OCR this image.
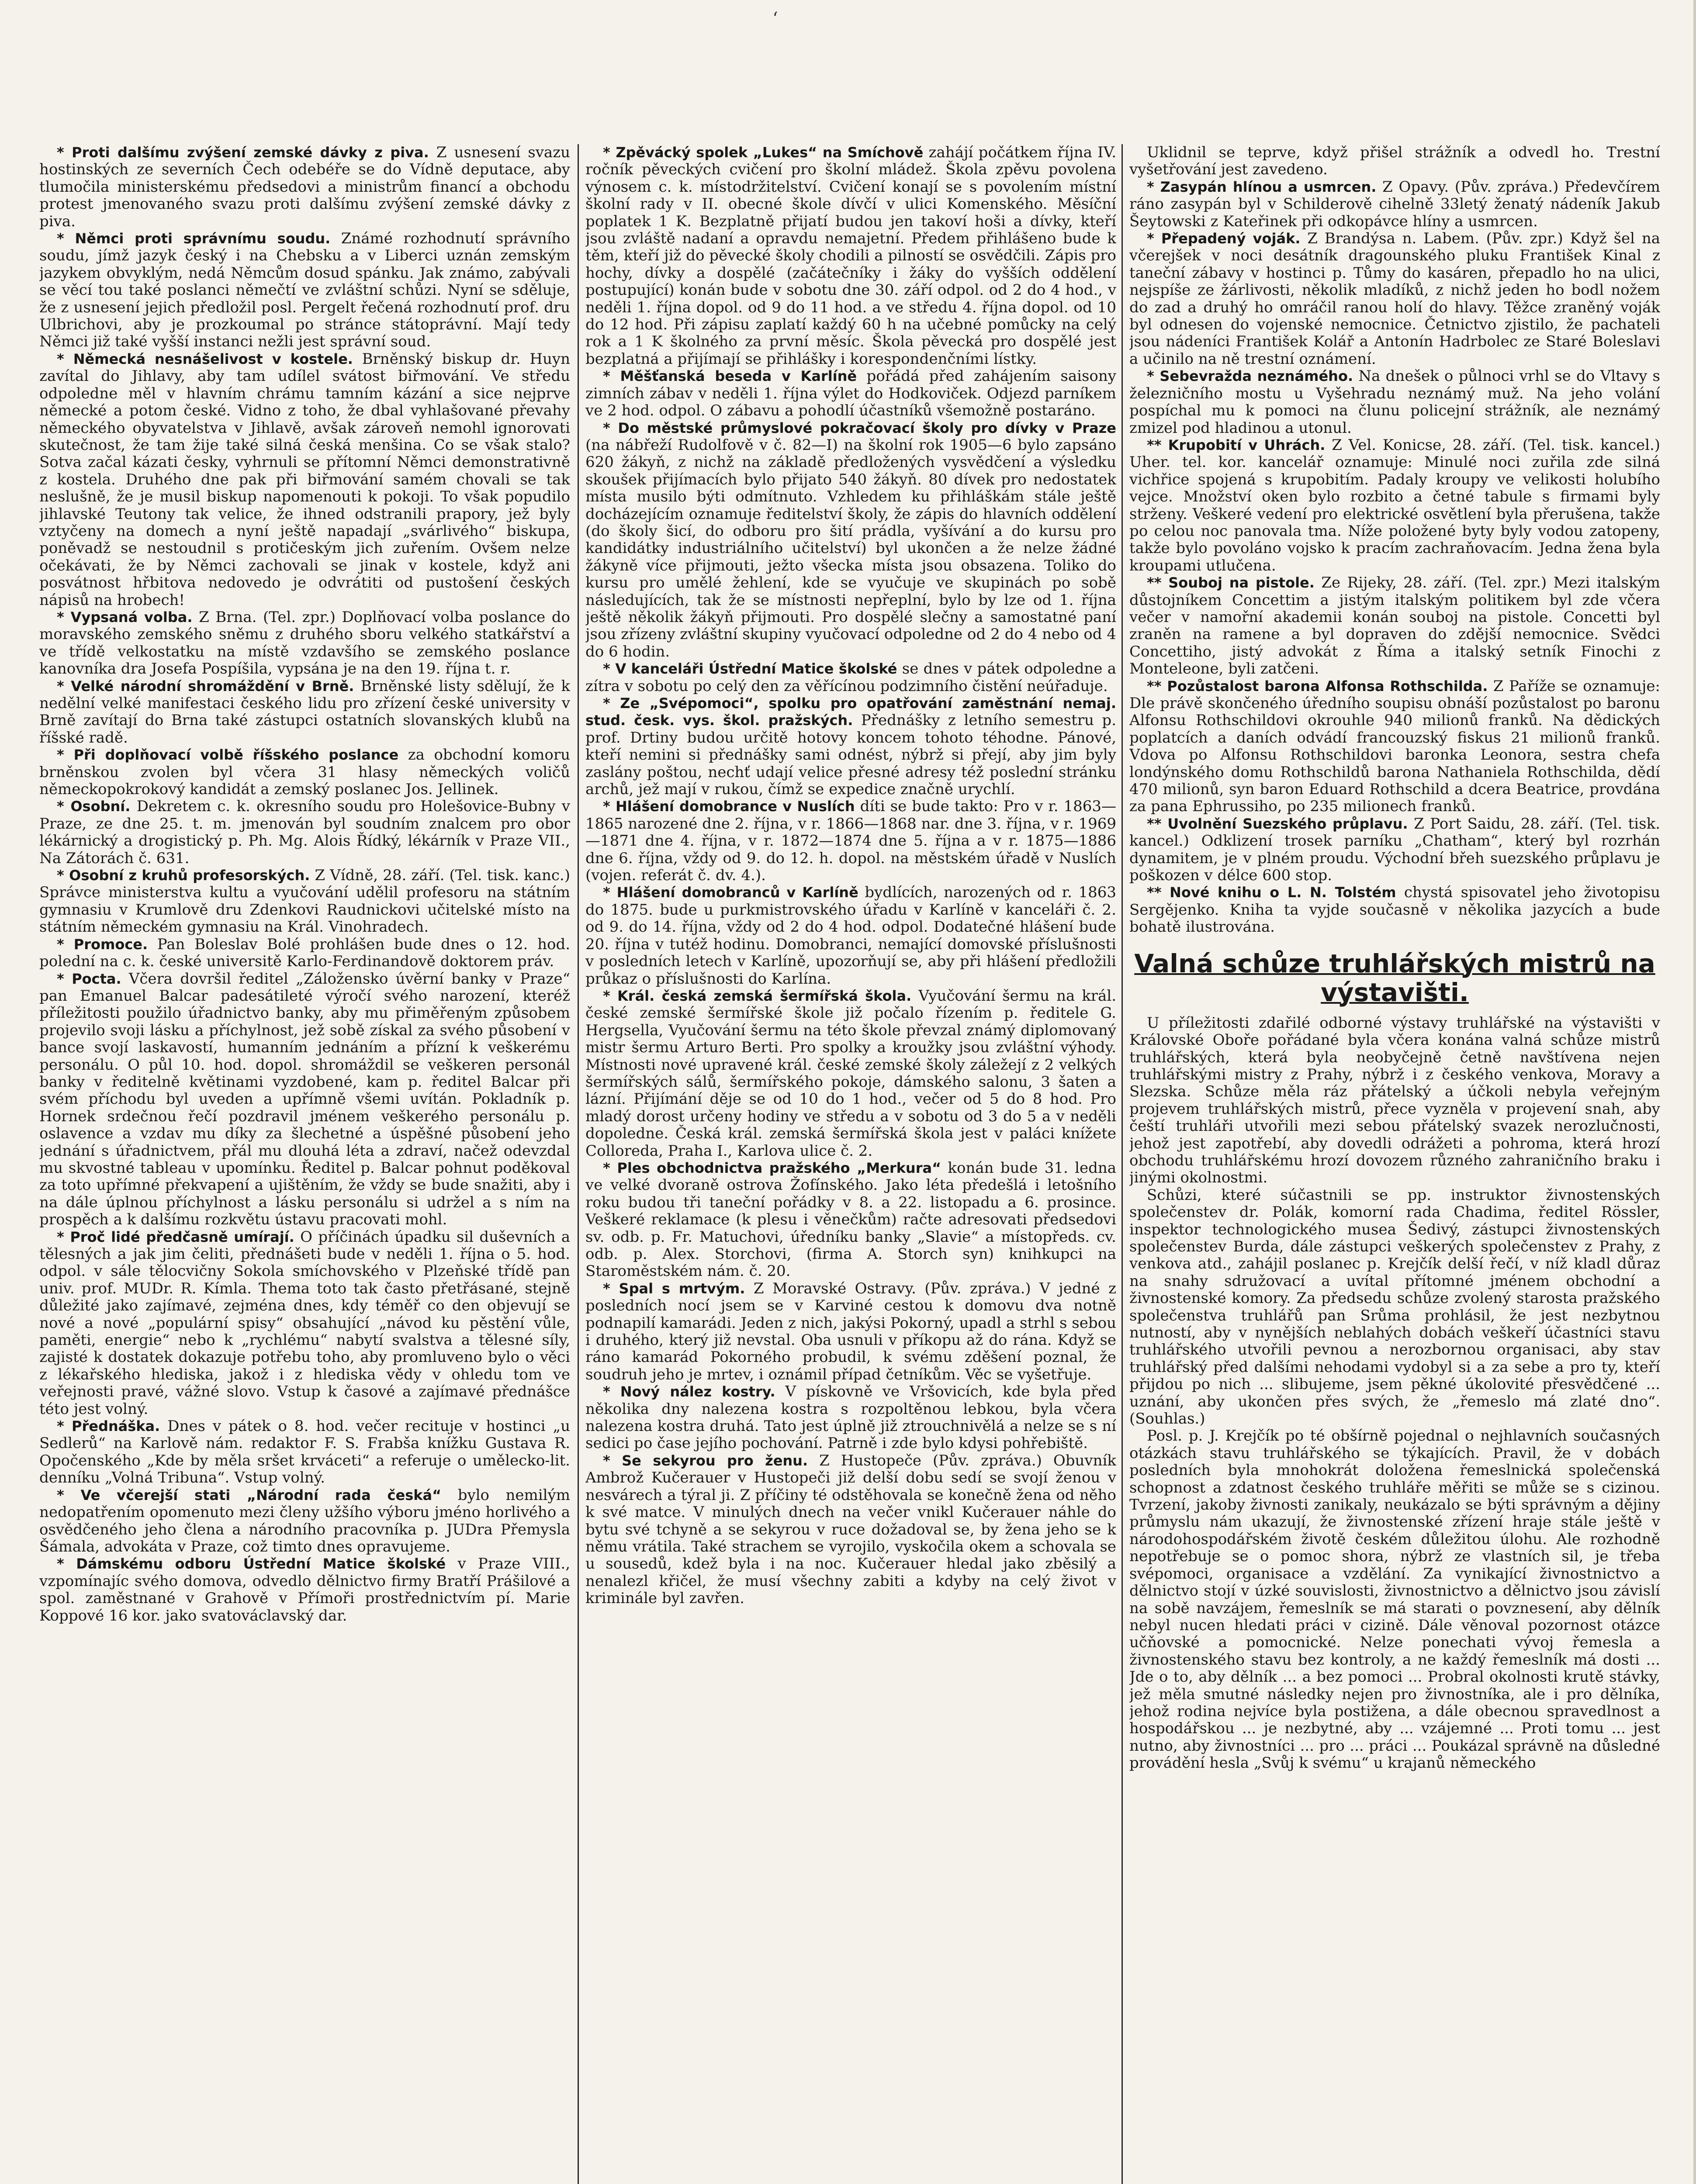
‘

* Proti dalšímu zvýšení zemské dávky z piva. Z usnesení svazu hostinských ze severních Čech odebéře se do Vídně deputace, aby tlumočila ministerskému předsedovi a ministrům financí a obchodu protest jmenovaného svazu proti dalšímu zvýšení zemské dávky z piva.

* Němci proti správnímu soudu. Známé rozhodnutí správního soudu, jímž jazyk český i na Chebsku a v Liberci uznán zemským jazykem obvyklým, nedá Němcům dosud spánku. Jak známo, zabývali se věcí tou také poslanci němečtí ve zvláštní schůzi. Nyní se sděluje, že z usnesení jejich předložil posl. Pergelt řečená rozhodnutí prof. dru Ulbrichovi, aby je prozkoumal po stránce státoprávní. Mají tedy Němci již také vyšší instanci nežli jest správní soud.

* Německá nesnášelivost v kostele. Brněnský biskup dr. Huyn zavítal do Jihlavy, aby tam udílel svátost biřmování. Ve středu odpoledne měl v hlavním chrámu tamním kázání a sice nejprve německé a potom české. Vidno z toho, že dbal vyhlašované převahy německého obyvatelstva v Jihlavě, avšak zároveň nemohl ignorovati skutečnost, že tam žije také silná česká menšina. Co se však stalo? Sotva začal kázati česky, vyhrnuli se přítomní Němci demonstrativně z kostela. Druhého dne pak při biřmování samém chovali se tak neslušně, že je musil biskup napomenouti k pokoji. To však popudilo jihlavské Teutony tak velice, že ihned odstranili prapory, jež byly vztyčeny na domech a nyní ještě napadají „svárlivého“ biskupa, poněvadž se nestoudnil s protičeským jich zuřením. Ovšem nelze očekávati, že by Němci zachovali se jinak v kostele, když ani posvátnost hřbitova nedovedo je odvrátiti od pustošení českých nápisů na hrobech!

* Vypsaná volba. Z Brna. (Tel. zpr.) Doplňovací volba poslance do moravského zemského sněmu z druhého sboru velkého statkářství a ve třídě velkostatku na místě vzdavšího se zemského poslance kanovníka dra Josefa Pospíšila, vypsána je na den 19. října t. r.

* Velké národní shromáždění v Brně. Brněnské listy sdělují, že k nedělní velké manifestaci českého lidu pro zřízení české university v Brně zavítají do Brna také zástupci ostatních slovanských klubů na říšské radě.

* Při doplňovací volbě říšského poslance za obchodní komoru brněnskou zvolen byl včera 31 hlasy německých voličů německopokrokový kandidát a zemský poslanec Jos. Jellinek.

* Osobní. Dekretem c. k. okresního soudu pro Holešovice-Bubny v Praze, ze dne 25. t. m. jmenován byl soudním znalcem pro obor lékárnický a drogistický p. Ph. Mg. Alois Řídký, lékárník v Praze VII., Na Zátorách č. 631.

* Osobní z kruhů profesorských. Z Vídně, 28. září. (Tel. tisk. kanc.) Správce ministerstva kultu a vyučování udělil profesoru na státním gymnasiu v Krumlově dru Zdenkovi Raudnickovi učitelské místo na státním německém gymnasiu na Král. Vinohradech.

* Promoce. Pan Boleslav Bolé prohlášen bude dnes o 12. hod. polední na c. k. české universitě Karlo-Ferdinandově doktorem práv.

* Pocta. Včera dovršil ředitel „Záložensko úvěrní banky v Praze“ pan Emanuel Balcar padesátileté výročí svého narození, kteréž příležitosti použilo úřadnictvo banky, aby mu přiměřeným způsobem projevilo svoji lásku a příchylnost, jež sobě získal za svého působení v bance svojí laskavostí, humanním jednáním a přízní k veškerému personálu. O půl 10. hod. dopol. shromáždil se veškeren personál banky v ředitelně květinami vyzdobené, kam p. ředitel Balcar při svém příchodu byl uveden a upřímně všemi uvítán. Pokladník p. Hornek srdečnou řečí pozdravil jménem veškerého personálu p. oslavence a vzdav mu díky za šlechetné a úspěšné působení jeho jednání s úřadnictvem, přál mu dlouhá léta a zdraví, načež odevzdal mu skvostné tableau v upomínku. Ředitel p. Balcar pohnut poděkoval za toto upřímné překvapení a ujištěním, že vždy se bude snažiti, aby i na dále úplnou příchylnost a lásku personálu si udržel a s ním na prospěch a k dalšímu rozkvětu ústavu pracovati mohl.

* Proč lidé předčasně umírají. O příčinách úpadku sil duševních a tělesných a jak jim čeliti, přednášeti bude v neděli 1. října o 5. hod. odpol. v sále tělocvičny Sokola smíchovského v Plzeňské třídě pan univ. prof. MUDr. R. Kímla. Thema toto tak často přetřásané, stejně důležité jako zajímavé, zejména dnes, kdy téměř co den objevují se nové a nové „populární spisy“ obsahující „návod ku pěstění vůle, paměti, energie“ nebo k „rychlému“ nabytí svalstva a tělesné síly, zajisté k dostatek dokazuje potřebu toho, aby promluveno bylo o věci z lékařského hlediska, jakož i z hlediska vědy v ohledu tom ve veřejnosti pravé, vážné slovo. Vstup k časové a zajímavé přednášce této jest volný.

* Přednáška. Dnes v pátek o 8. hod. večer recituje v hostinci „u Sedlerů“ na Karlově nám. redaktor F. S. Frabša knížku Gustava R. Opočenského „Kde by měla sršet krváceti“ a referuje o umělecko-lit. denníku „Volná Tribuna“. Vstup volný.

* Ve včerejší stati „Národní rada česká“ bylo nemilým nedopatřením opomenuto mezi členy užšího výboru jméno horlivého a osvědčeného jeho člena a národního pracovníka p. JUDra Přemysla Šámala, advokáta v Praze, což timto dnes opravujeme.

* Dámskému odboru Ústřední Matice školské v Praze VIII., vzpomínajíc svého domova, odvedlo dělnictvo firmy Bratří Prášilové a spol. zaměstnané v Grahově v Přímoři prostřednictvím pí. Marie Koppové 16 kor. jako svatováclavský dar.

* Zpěvácký spolek „Lukes“ na Smíchově zahájí počátkem října IV. ročník pěveckých cvičení pro školní mládež. Škola zpěvu povolena výnosem c. k. místodržitelství. Cvičení konají se s povolením místní školní rady v II. obecné škole dívčí v ulici Komenského. Měsíční poplatek 1 K. Bezplatně přijatí budou jen takoví hoši a dívky, kteří jsou zvláště nadaní a opravdu nemajetní. Předem přihlášeno bude k těm, kteří již do pěvecké školy chodili a pilností se osvědčili. Zápis pro hochy, dívky a dospělé (začátečníky i žáky do vyšších oddělení postupující) konán bude v sobotu dne 30. září odpol. od 2 do 4 hod., v neděli 1. října dopol. od 9 do 11 hod. a ve středu 4. října dopol. od 10 do 12 hod. Při zápisu zaplatí každý 60 h na učebné pomůcky na celý rok a 1 K školného za první měsíc. Škola pěvecká pro dospělé jest bezplatná a přijímají se přihlášky i korespondenčními lístky.

* Měšťanská beseda v Karlíně pořádá před zahájením saisony zimních zábav v neděli 1. října výlet do Hodkoviček. Odjezd parníkem ve 2 hod. odpol. O zábavu a pohodlí účastníků všemožně postaráno.

* Do městské průmyslové pokračovací školy pro dívky v Praze (na nábřeží Rudolfově v č. 82—I) na školní rok 1905—6 bylo zapsáno 620 žákyň, z nichž na základě předložených vysvědčení a výsledku skoušek přijímacích bylo přijato 540 žákyň. 80 dívek pro nedostatek místa musilo býti odmítnuto. Vzhledem ku přihláškám stále ještě docházejícím oznamuje ředitelství školy, že zápis do hlavních oddělení (do školy šicí, do odboru pro šití prádla, vyšívání a do kursu pro kandidátky industriálního učitelství) byl ukončen a že nelze žádné žákyně více přijmouti, ježto všecka místa jsou obsazena. Toliko do kursu pro umělé žehlení, kde se vyučuje ve skupinách po sobě následujících, tak že se místnosti nepřeplní, bylo by lze od 1. října ještě několik žákyň přijmouti. Pro dospělé slečny a samostatné paní jsou zřízeny zvláštní skupiny vyučovací odpoledne od 2 do 4 nebo od 4 do 6 hodin.

* V kanceláři Ústřední Matice školské se dnes v pátek odpoledne a zítra v sobotu po celý den za věřícínou podzimního čistění neúřaduje.

* Ze „Svépomoci“, spolku pro opatřování zaměstnání nemaj. stud. česk. vys. škol. pražských. Přednášky z letního semestru p. prof. Drtiny budou určitě hotovy koncem tohoto téhodne. Pánové, kteří nemini si přednášky sami odnést, nýbrž si přejí, aby jim byly zaslány poštou, nechť udají velice přesné adresy též poslední stránku archů, jež mají v rukou, čímž se expedice značně urychlí.

* Hlášení domobrance v Nuslích díti se bude takto: Pro v r. 1863—1865 narozené dne 2. října, v r. 1866—1868 nar. dne 3. října, v r. 1969—1871 dne 4. října, v r. 1872—1874 dne 5. října a v r. 1875—1886 dne 6. října, vždy od 9. do 12. h. dopol. na městském úřadě v Nuslích (vojen. referát č. dv. 4.).

* Hlášení domobranců v Karlíně bydlících, narozených od r. 1863 do 1875. bude u purkmistrovského úřadu v Karlíně v kanceláři č. 2. od 9. do 14. října, vždy od 2 do 4 hod. odpol. Dodatečné hlášení bude 20. října v tutéž hodinu. Domobranci, nemající domovské příslušnosti v posledních letech v Karlíně, upozorňují se, aby při hlášení předložili průkaz o příslušnosti do Karlína.

* Král. česká zemská šermířská škola. Vyučování šermu na král. české zemské šermířské škole již počalo řízením p. ředitele G. Hergsella, Vyučování šermu na této škole převzal známý diplomovaný mistr šermu Arturo Berti. Pro spolky a kroužky jsou zvláštní výhody. Místnosti nové upravené král. české zemské školy záležejí z 2 velkých šermířských sálů, šermířského pokoje, dámského salonu, 3 šaten a lázní. Přijímání děje se od 10 do 1 hod., večer od 5 do 8 hod. Pro mladý dorost určeny hodiny ve středu a v sobotu od 3 do 5 a v neděli dopoledne. Česká král. zemská šermířská škola jest v paláci knížete Colloreda, Praha I., Karlova ulice č. 2.

* Ples obchodnictva pražského „Merkura“ konán bude 31. ledna ve velké dvoraně ostrova Žofínského. Jako léta předešlá i letošního roku budou tři taneční pořádky v 8. a 22. listopadu a 6. prosince. Veškeré reklamace (k plesu i věnečkům) račte adresovati předsedovi sv. odb. p. Fr. Matuchovi, úředníku banky „Slavie“ a místopředs. cv. odb. p. Alex. Storchovi, (firma A. Storch syn) knihkupci na Staroměstském nám. č. 20.

* Spal s mrtvým. Z Moravské Ostravy. (Pův. zpráva.) V jedné z posledních nocí jsem se v Karviné cestou k domovu dva notně podnapilí kamarádi. Jeden z nich, jakýsi Pokorný, upadl a strhl s sebou i druhého, který již nevstal. Oba usnuli v příkopu až do rána. Když se ráno kamarád Pokorného probudil, k svému zděšení poznal, že soudruh jeho je mrtev, i oznámil případ četníkům. Věc se vyšetřuje.

* Nový nález kostry. V pískovně ve Vršovicích, kde byla před několika dny nalezena kostra s rozpoltěnou lebkou, byla včera nalezena kostra druhá. Tato jest úplně již ztrouchnivělá a nelze se s ní sedici po čase jejího pochování. Patrně i zde bylo kdysi pohřebiště.

* Se sekyrou pro ženu. Z Hustopeče (Pův. zpráva.) Obuvník Ambrož Kučerauer v Hustopeči již delší dobu sedí se svojí ženou v nesvárech a týral ji. Z příčiny té odstěhovala se konečně žena od něho k své matce. V minulých dnech na večer vnikl Kučerauer náhle do bytu své tchyně a se sekyrou v ruce dožadoval se, by žena jeho se k němu vrátila. Také strachem se vyrojilo, vyskočila okem a schovala se u sousedů, kdež byla i na noc. Kučerauer hledal jako zběsilý a nenalezl křičel, že musí všechny zabiti a kdyby na celý život v kriminále byl zavřen.

Uklidnil se teprve, když přišel strážník a odvedl ho. Trestní vyšetřování jest zavedeno.

* Zasypán hlínou a usmrcen. Z Opavy. (Pův. zpráva.) Předevčírem ráno zasypán byl v Schilderově cihelně 33letý ženatý nádeník Jakub Šeytowski z Kateřinek při odkopávce hlíny a usmrcen.

* Přepadený voják. Z Brandýsa n. Labem. (Pův. zpr.) Když šel na včerejšek v noci desátník dragounského pluku František Kinal z taneční zábavy v hostinci p. Tůmy do kasáren, přepadlo ho na ulici, nejspíše ze žárlivosti, několik mladíků, z nichž jeden ho bodl nožem do zad a druhý ho omráčil ranou holí do hlavy. Těžce zraněný voják byl odnesen do vojenské nemocnice. Četnictvo zjistilo, že pachateli jsou nádeníci František Kolář a Antonín Hadrbolec ze Staré Boleslavi a učinilo na ně trestní oznámení.

* Sebevražda neznámého. Na dnešek o půlnoci vrhl se do Vltavy s železničního mostu u Vyšehradu neznámý muž. Na jeho volání pospíchal mu k pomoci na člunu policejní strážník, ale neznámý zmizel pod hladinou a utonul.

** Krupobití v Uhrách. Z Vel. Konicse, 28. září. (Tel. tisk. kancel.) Uher. tel. kor. kancelář oznamuje: Minulé noci zuřila zde silná vichřice spojená s krupobitím. Padaly kroupy ve velikosti holubího vejce. Množství oken bylo rozbito a četné tabule s firmami byly strženy. Veškeré vedení pro elektrické osvětlení byla přerušena, takže po celou noc panovala tma. Níže položené byty byly vodou zatopeny, takže bylo povoláno vojsko k pracím zachraňovacím. Jedna žena byla kroupami utlučena.

** Souboj na pistole. Ze Rijeky, 28. září. (Tel. zpr.) Mezi italským důstojníkem Concettim a jistým italským politikem byl zde včera večer v namořní akademii konán souboj na pistole. Concetti byl zraněn na ramene a byl dopraven do zdější nemocnice. Svědci Concettiho, jistý advokát z Říma a italský setník Finochi z Monteleone, byli zatčeni.

** Pozůstalost barona Alfonsa Rothschilda. Z Paříže se oznamuje: Dle právě skončeného úředního soupisu obnáší pozůstalost po baronu Alfonsu Rothschildovi okrouhle 940 milionů franků. Na dědických poplatcích a daních odvádí francouzský fiskus 21 milionů franků. Vdova po Alfonsu Rothschildovi baronka Leonora, sestra chefa londýnského domu Rothschildů barona Nathaniela Rothschilda, dědí 470 milionů, syn baron Eduard Rothschild a dcera Beatrice, provdána za pana Ephrussiho, po 235 milionech franků.

** Uvolnění Suezského průplavu. Z Port Saidu, 28. září. (Tel. tisk. kancel.) Odklizení trosek parníku „Chatham“, který byl rozrhán dynamitem, je v plném proudu. Východní břeh suezského průplavu je poškozen v délce 600 stop.

** Nové knihu o L. N. Tolstém chystá spisovatel jeho životopisu Sergějenko. Kniha ta vyjde současně v několika jazycích a bude bohatě ilustrována.

Valná schůze truhlářských mistrů na výstavišti.

U příležitosti zdařilé odborné výstavy truhlářské na výstavišti v Královské Oboře pořádané byla včera konána valná schůze mistrů truhlářských, která byla neobyčejně četně navštívena nejen truhlářskými mistry z Prahy, nýbrž i z českého venkova, Moravy a Slezska. Schůze měla ráz přátelský a účkoli nebyla veřejným projevem truhlářských mistrů, přece vyzněla v projevení snah, aby čeští truhláři utvořili mezi sebou přátelský svazek nerozlučnosti, jehož jest zapotřebí, aby dovedli odrážeti a pohroma, která hrozí obchodu truhlářskému hrozí dovozem různého zahraničního braku i jinými okolnostmi.

Schůzi, které súčastnili se pp. instruktor živnostenských společenstev dr. Polák, komorní rada Chadima, ředitel Rössler, inspektor technologického musea Šedivý, zástupci živnostenských společenstev Burda, dále zástupci veškerých společenstev z Prahy, z venkova atd., zahájil poslanec p. Krejčík delší řečí, v níž kladl důraz na snahy sdružovací a uvítal přítomné jménem obchodní a živnostenské komory. Za předsedu schůze zvolený starosta pražského společenstva truhlářů pan Srůma prohlásil, že jest nezbytnou nutností, aby v nynějších neblahých dobách veškeří účastníci stavu truhlářského utvořili pevnou a nerozbornou organisaci, aby stav truhlářský před dalšími nehodami vydobyl si a za sebe a pro ty, kteří přijdou po nich ... slibujeme, jsem pěkné úkolovité přesvědčené ... uznání, aby ukončen přes svých, že „řemeslo má zlaté dno“. (Souhlas.)

Posl. p. J. Krejčík po té obšírně pojednal o nejhlavních současných otázkách stavu truhlářského se týkajících. Pravil, že v dobách posledních byla mnohokrát doložena řemeslnická společenská schopnost a zdatnost českého truhláře měřiti se může se s cizinou. Tvrzení, jakoby živnosti zanikaly, neukázalo se býti správným a dějiny průmyslu nám ukazují, že živnostenské zřízení hraje stále ještě v národohospodářském životě českém důležitou úlohu. Ale rozhodně nepotřebuje se o pomoc shora, nýbrž ze vlastních sil, je třeba svépomoci, organisace a vzdělání. Za vynikající živnostnictvo a dělnictvo stojí v úzké souvislosti, živnostnictvo a dělnictvo jsou závislí na sobě navzájem, řemeslník se má starati o povznesení, aby dělník nebyl nucen hledati práci v cizině. Dále věnoval pozornost otázce učňovské a pomocnické. Nelze ponechati vývoj řemesla a živnostenského stavu bez kontroly, a ne každý řemeslník má dosti ... Jde o to, aby dělník ... a bez pomoci ... Probral okolnosti krutě stávky, jež měla smutné následky nejen pro živnostníka, ale i pro dělníka, jehož rodina nejvíce byla postižena, a dále obecnou spravedlnost a hospodářskou ... je nezbytné, aby ... vzájemné ... Proti tomu ... jest nutno, aby živnostníci ... pro ... práci ... Poukázal správně na důsledné provádění hesla „Svůj k svému“ u krajanů německého
